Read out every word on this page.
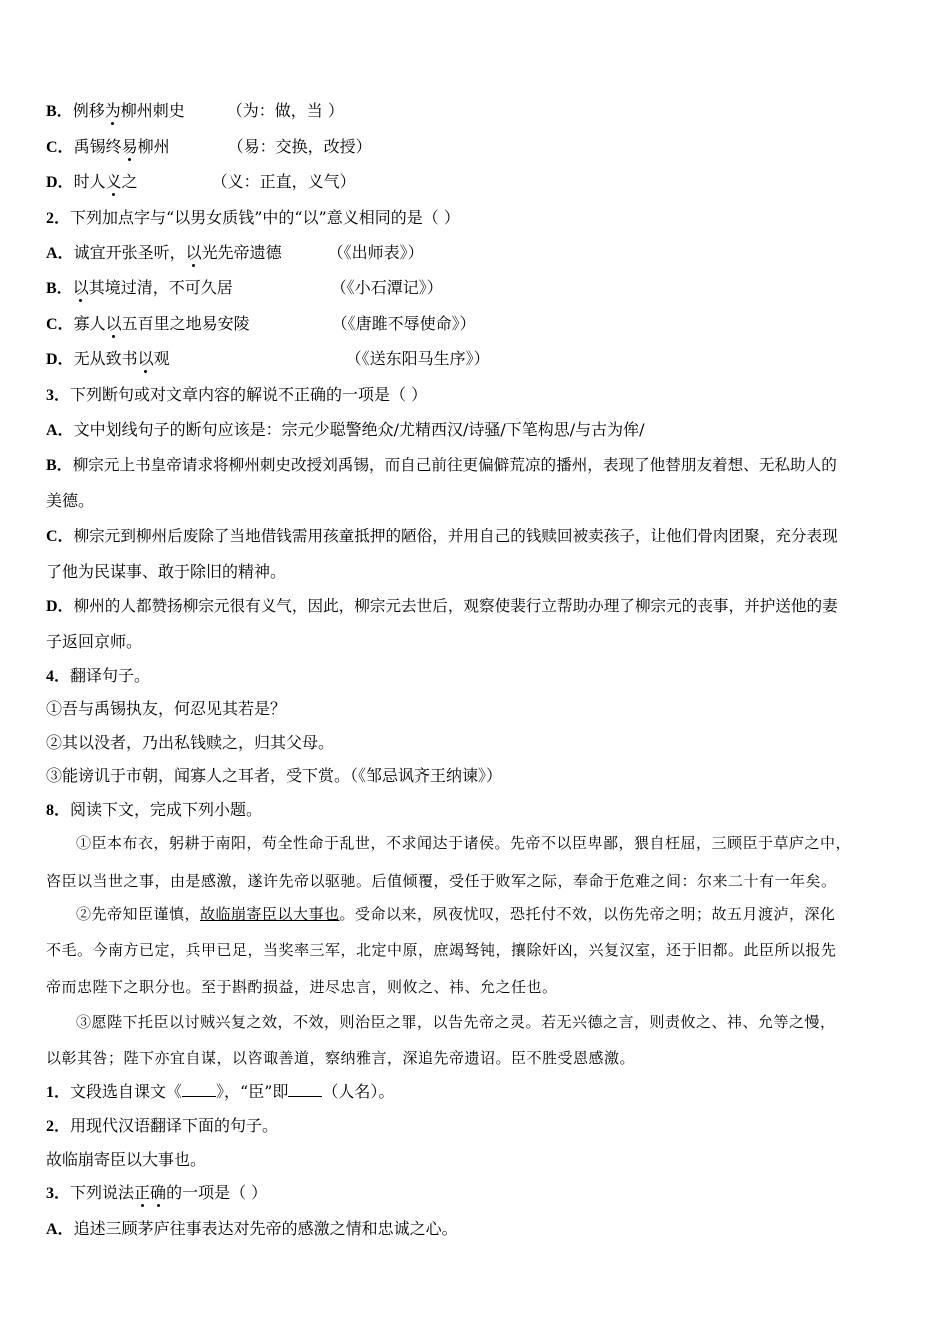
B．例移为柳州刺史	（为：做，当 ）
C．禹锡终易柳州	（易：交换，改授）
D．时人义之	（义：正直，义气）
2．下列加点字与“以男女质钱”中的“以”意义相同的是（ ）
A．诚宜开张圣听，以光先帝遗德	（《出师表》）
B．以其境过清，不可久居	（《小石潭记》）
C．寡人以五百里之地易安陵	（《唐雎不辱使命》）
D．无从致书以观	（《送东阳马生序》）
3．下列断句或对文章内容的解说不正确的一项是（ ）
A．文中划线句子的断句应该是：宗元少聪警绝众/尤精西汉/诗骚/下笔构思/与古为侔/
B．柳宗元上书皇帝请求将柳州刺史改授刘禹锡，而自己前往更偏僻荒凉的播州，表现了他替朋友着想、无私助人的
美德。
C．柳宗元到柳州后废除了当地借钱需用孩童抵押的陋俗，并用自己的钱赎回被卖孩子，让他们骨肉团聚，充分表现
了他为民谋事、敢于除旧的精神。
D．柳州的人都赞扬柳宗元很有义气，因此，柳宗元去世后，观察使裴行立帮助办理了柳宗元的丧事，并护送他的妻
子返回京师。
4．翻译句子。
①吾与禹锡执友，何忍见其若是？
②其以没者，乃出私钱赎之，归其父母。
③能谤讥于市朝，闻寡人之耳者，受下赏。（《邹忌讽齐王纳谏》）
8．阅读下文，完成下列小题。
①臣本布衣，躬耕于南阳，苟全性命于乱世，不求闻达于诸侯。先帝不以臣卑鄙，猥自枉屈，三顾臣于草庐之中，
咨臣以当世之事，由是感激，遂许先帝以驱驰。后值倾覆，受任于败军之际，奉命于危难之间：尔来二十有一年矣。
②先帝知臣谨慎，故临崩寄臣以大事也。受命以来，夙夜忧叹，恐托付不效，以伤先帝之明；故五月渡泸，深化
不毛。今南方已定，兵甲已足，当奖率三军，北定中原，庶竭驽钝，攘除奸凶，兴复汉室，还于旧都。此臣所以报先
帝而忠陛下之职分也。至于斟酌损益，进尽忠言，则攸之、祎、允之任也。
③愿陛下托臣以讨贼兴复之效，不效，则治臣之罪，以告先帝之灵。若无兴德之言，则责攸之、祎、允等之慢，
以彰其咎；陛下亦宜自谋，以咨诹善道，察纳雅言，深追先帝遗诏。臣不胜受恩感激。
1．文段选自课文《 》，“臣”即 （人名）。
2．用现代汉语翻译下面的句子。
故临崩寄臣以大事也。
3．下列说法正确的一项是（ ）
A．追述三顾茅庐往事表达对先帝的感激之情和忠诚之心。
